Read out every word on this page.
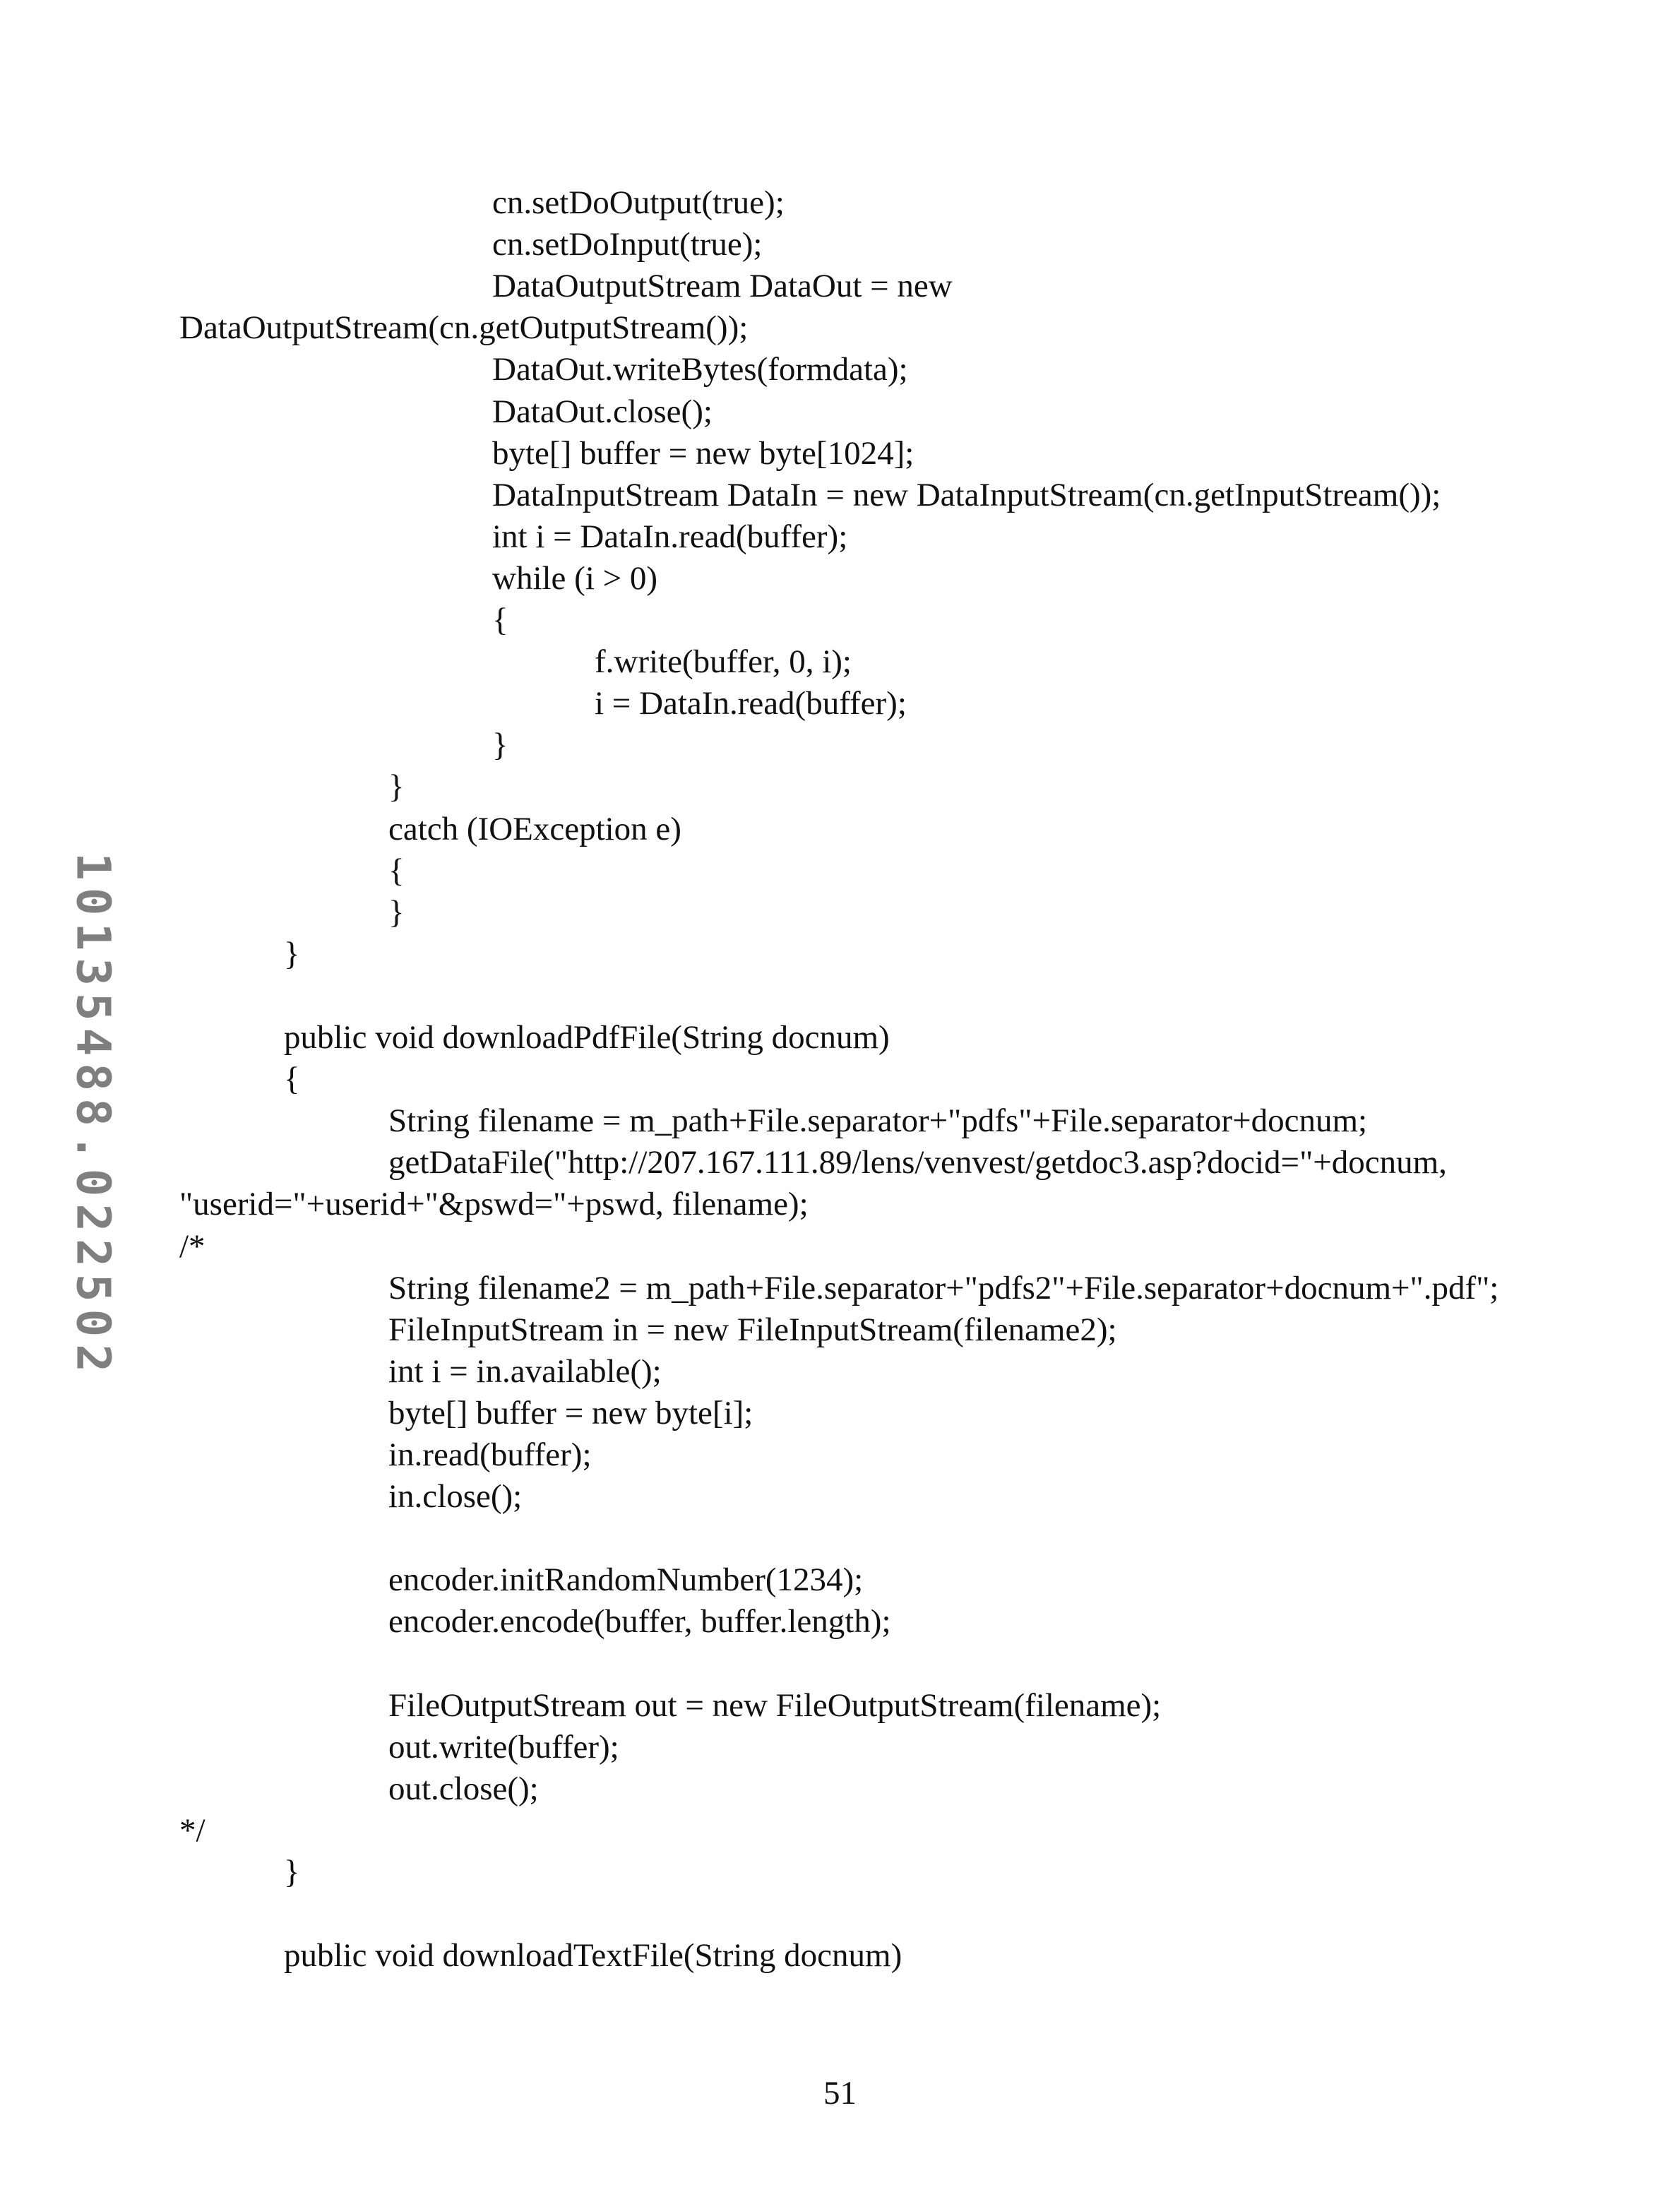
10135488.022502
cn.setDoOutput(true);
cn.setDoInput(true);
DataOutputStream DataOut = new
DataOutputStream(cn.getOutputStream());
DataOut.writeBytes(formdata);
DataOut.close();
byte[] buffer = new byte[1024];
DataInputStream DataIn = new DataInputStream(cn.getInputStream());
int i = DataIn.read(buffer);
while (i > 0)
{
f.write(buffer, 0, i);
i = DataIn.read(buffer);
}
}
catch (IOException e)
{
}
}
public void downloadPdfFile(String docnum)
{
String filename = m_path+File.separator+"pdfs"+File.separator+docnum;
getDataFile("http://207.167.111.89/lens/venvest/getdoc3.asp?docid="+docnum,
"userid="+userid+"&pswd="+pswd, filename);
/*
String filename2 = m_path+File.separator+"pdfs2"+File.separator+docnum+".pdf";
FileInputStream in = new FileInputStream(filename2);
int i = in.available();
byte[] buffer = new byte[i];
in.read(buffer);
in.close();
encoder.initRandomNumber(1234);
encoder.encode(buffer, buffer.length);
FileOutputStream out = new FileOutputStream(filename);
out.write(buffer);
out.close();
*/
}
public void downloadTextFile(String docnum)
51
